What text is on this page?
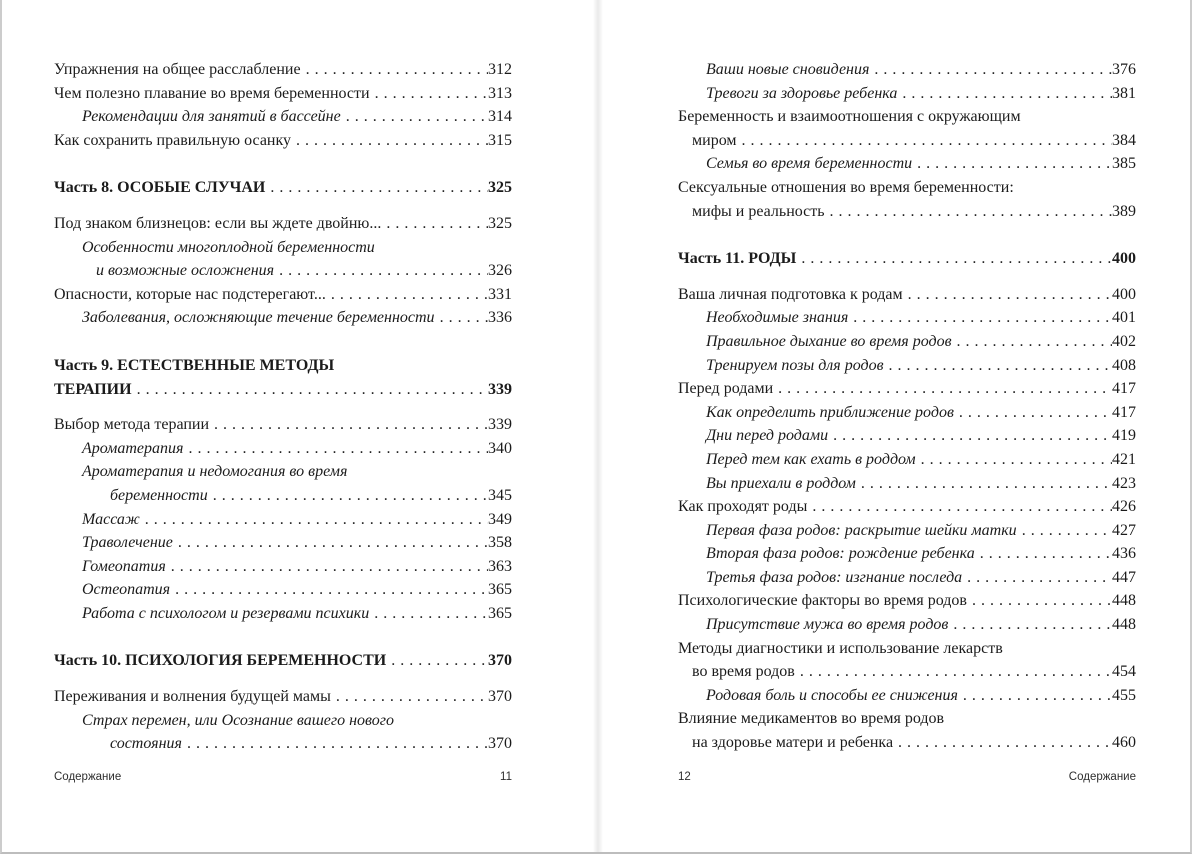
Упражнения на общее расслабление . . .	312
Чем полезно плавание во время беременности . . .	313
Рекомендации для занятий в бассейне . . .	314
Как сохранить правильную осанку . . .	315
Часть 8. ОСОБЫЕ СЛУЧАИ . . .	325
Под знаком близнецов: если вы ждете двойню... . . .	325
Особенности многоплодной беременности
и возможные осложнения . . .	326
Опасности, которые нас подстерегают... . . .	331
Заболевания, осложняющие течение беременности . . .	336
Часть 9. ЕСТЕСТВЕННЫЕ МЕТОДЫ
ТЕРАПИИ . . .	339
Выбор метода терапии . . .	339
Ароматерапия . . .	340
Ароматерапия и недомогания во время
беременности . . .	345
Массаж . . .	349
Траволечение . . .	358
Гомеопатия . . .	363
Остеопатия . . .	365
Работа с психологом и резервами психики . . .	365
Часть 10. ПСИХОЛОГИЯ БЕРЕМЕННОСТИ . . .	370
Переживания и волнения будущей мамы . . .	370
Страх перемен, или Осознание вашего нового
состояния . . .	370
Содержание	11
Ваши новые сновидения . . .	376
Тревоги за здоровье ребенка . . .	381
Беременность и взаимоотношения с окружающим
миром . . .	384
Семья во время беременности . . .	385
Сексуальные отношения во время беременности:
мифы и реальность . . .	389
Часть 11. РОДЫ . . .	400
Ваша личная подготовка к родам . . .	400
Необходимые знания . . .	401
Правильное дыхание во время родов . . .	402
Тренируем позы для родов . . .	408
Перед родами . . .	417
Как определить приближение родов . . .	417
Дни перед родами . . .	419
Перед тем как ехать в роддом . . .	421
Вы приехали в роддом . . .	423
Как проходят роды . . .	426
Первая фаза родов: раскрытие шейки матки . . .	427
Вторая фаза родов: рождение ребенка . . .	436
Третья фаза родов: изгнание последа . . .	447
Психологические факторы во время родов . . .	448
Присутствие мужа во время родов . . .	448
Методы диагностики и использование лекарств
во время родов . . .	454
Родовая боль и способы ее снижения . . .	455
Влияние медикаментов во время родов
на здоровье матери и ребенка . . .	460
12	Содержание
